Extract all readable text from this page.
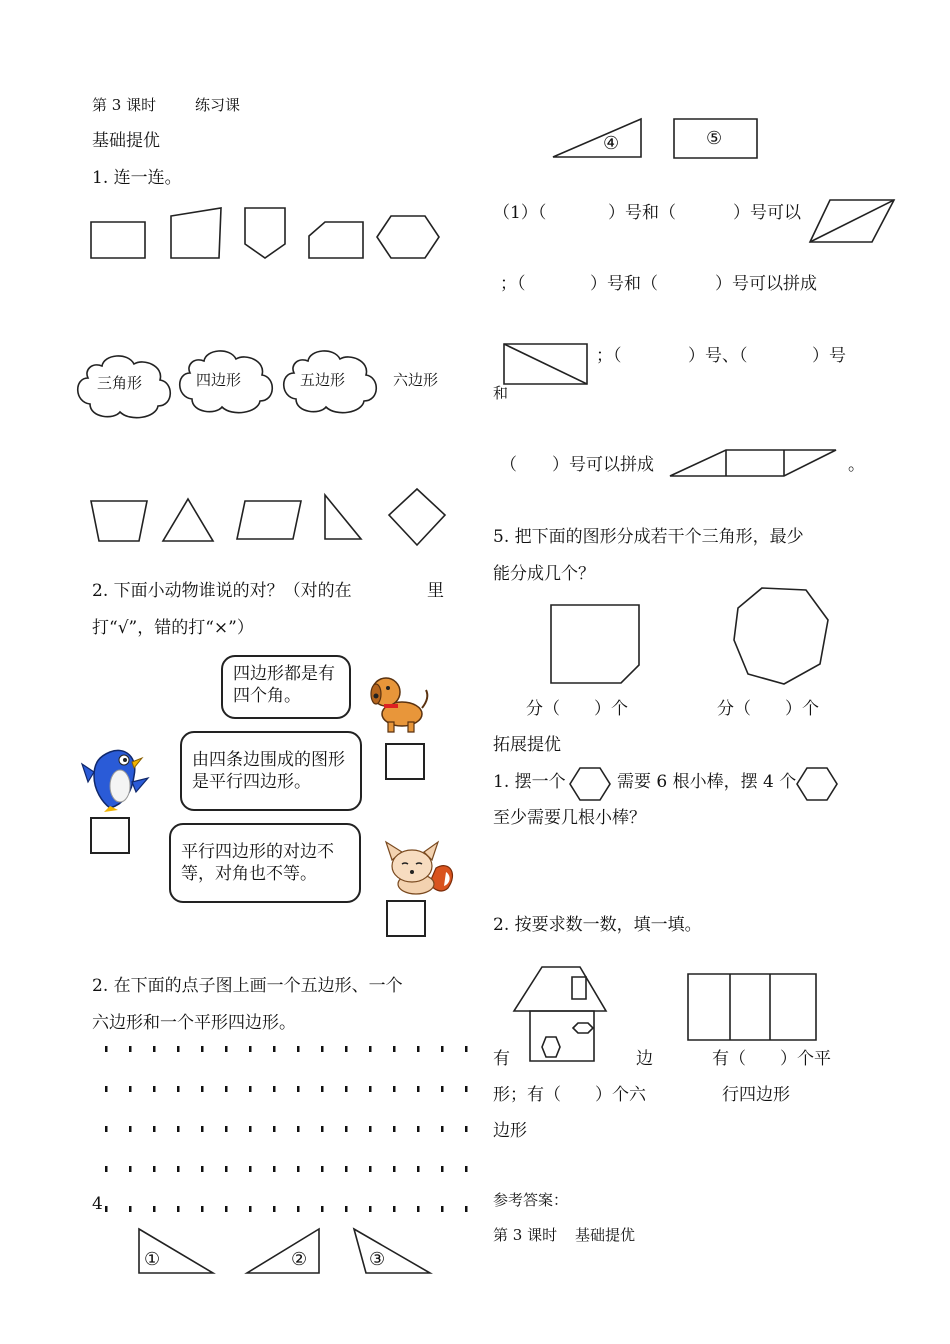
第 3 课时	练习课
基础提优
1. 连一连。
三角形	四边形	五边形	六边形
2. 下面小动物谁说的对？（对的在	里
打“√”，错的打“×”）
四边形都是有四个角。
由四条边围成的图形是平行四边形。
平行四边形的对边不等，对角也不等。
2. 在下面的点子图上画一个五边形、一个
六边形和一个平形四边形。
4
①	②	③
④	⑤
（1）（	）号和（	）号可以
；（	）号和（	）号可以拼成
和
；（	）号、（	）号
（ ）号可以拼成	。
5. 把下面的图形分成若干个三角形，最少
能分成几个？
分（　　）个	分（　　）个
拓展提优
1. 摆一个	需要 6 根小棒，摆 4 个
至少需要几根小棒？
2. 按要求数一数，填一填。
有	边
形；有（　　）个六
边形
有（　　）个平
行四边形
参考答案：
第 3 课时 基础提优
